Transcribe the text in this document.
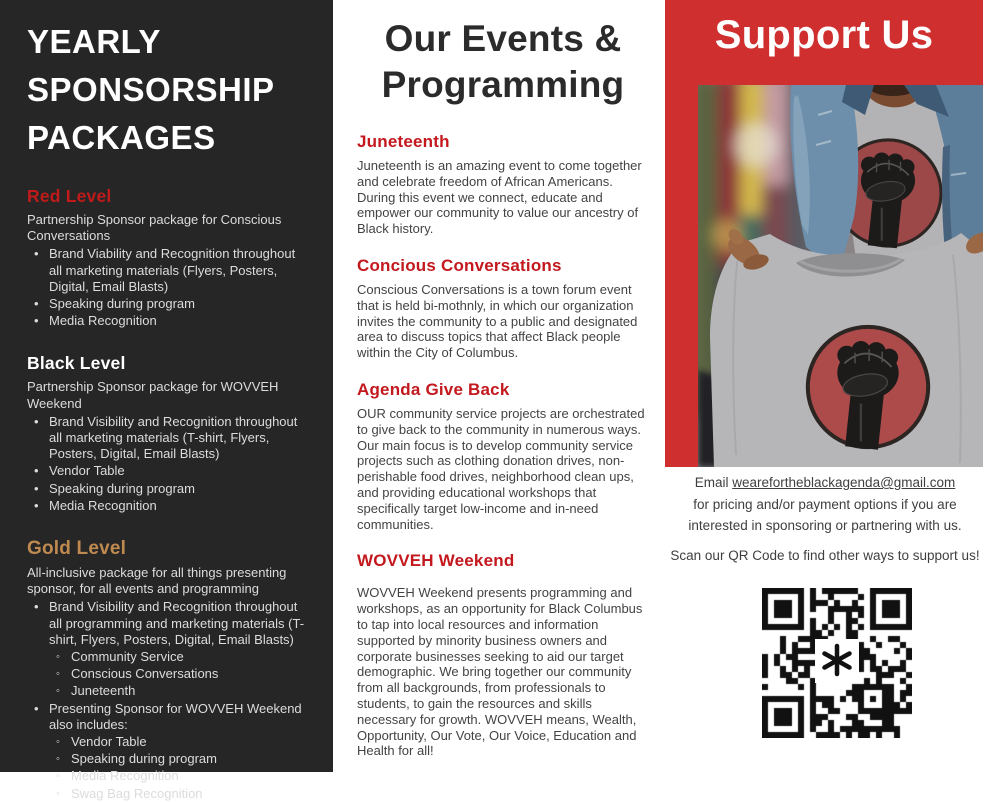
YEARLY
SPONSORSHIP
PACKAGES
Red Level

Partnership Sponsor package for Conscious Conversations

• Brand Viability and Recognition throughout all marketing materials (Flyers, Posters, Digital, Email Blasts)
• Speaking during program
• Media Recognition
Black Level

Partnership Sponsor package for WOVVEH Weekend

• Brand Visibility and Recognition throughout all marketing materials (T-shirt, Flyers, Posters, Digital, Email Blasts)
• Vendor Table
• Speaking during program
• Media Recognition
Gold Level

All-inclusive package for all things presenting sponsor, for all events and programming

• Brand Visibility and Recognition throughout all programming and marketing materials (T-shirt, Flyers, Posters, Digital, Email Blasts)
◦ Community Service
◦ Conscious Conversations
◦ Juneteenth
• Presenting Sponsor for WOVVEH Weekend also includes:
◦ Vendor Table
◦ Speaking during program
◦ Media Recognition
◦ Swag Bag Recognition
Our Events &
Programming
Juneteenth

Juneteenth is an amazing event to come together and celebrate freedom of African Americans. During this event we connect, educate and empower our community to value our ancestry of Black history.

Concious Conversations

Conscious Conversations is a town forum event that is held bi-mothnly, in which our organization invites the community to a public and designated area to discuss topics that affect Black people within the City of Columbus.

Agenda Give Back

OUR community service projects are orchestrated to give back to the community in numerous ways. Our main focus is to develop community service projects such as clothing donation drives, non-perishable food drives, neighborhood clean ups, and providing educational workshops that specifically target low-income and in-need communities.

WOVVEH Weekend

WOVVEH Weekend presents programming and workshops, as an opportunity for Black Columbus to tap into local resources and information supported by minority business owners and corporate businesses seeking to aid our target demographic. We bring together our community from all backgrounds, from professionals to students, to gain the resources and skills necessary for growth. WOVVEH means, Wealth, Opportunity, Our Vote, Our Voice, Education and Health for all!

Support Us
Email wearefortheblackagenda@gmail.com
for pricing and/or payment options if you are
interested in sponsoring or partnering with us.
Scan our QR Code to find other ways to support us!
